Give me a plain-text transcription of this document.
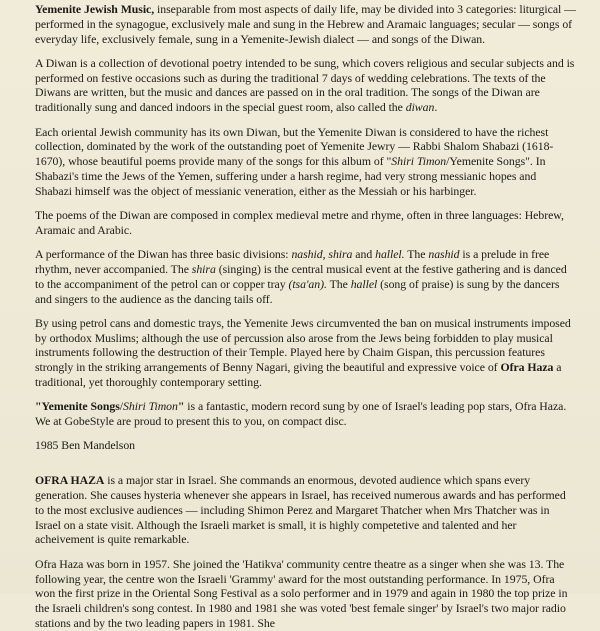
Yemenite Jewish Music, inseparable from most aspects of daily life, may be divided into 3 categories: liturgical — performed in the synagogue, exclusively male and sung in the Hebrew and Aramaic languages; secular — songs of everyday life, exclusively female, sung in a Yemenite-Jewish dialect — and songs of the Diwan.

A Diwan is a collection of devotional poetry intended to be sung, which covers religious and secular subjects and is performed on festive occasions such as during the traditional 7 days of wedding celebrations. The texts of the Diwans are written, but the music and dances are passed on in the oral tradition. The songs of the Diwan are traditionally sung and danced indoors in the special guest room, also called the diwan.

Each oriental Jewish community has its own Diwan, but the Yemenite Diwan is considered to have the richest collection, dominated by the work of the outstanding poet of Yemenite Jewry — Rabbi Shalom Shabazi (1618-1670), whose beautiful poems provide many of the songs for this album of "Shiri Timon/Yemenite Songs". In Shabazi's time the Jews of the Yemen, suffering under a harsh regime, had very strong messianic hopes and Shabazi himself was the object of messianic veneration, either as the Messiah or his harbinger.

The poems of the Diwan are composed in complex medieval metre and rhyme, often in three languages: Hebrew, Aramaic and Arabic.

A performance of the Diwan has three basic divisions: nashid, shira and hallel. The nashid is a prelude in free rhythm, never accompanied. The shira (singing) is the central musical event at the festive gathering and is danced to the accompaniment of the petrol can or copper tray (tsa'an). The hallel (song of praise) is sung by the dancers and singers to the audience as the dancing tails off.

By using petrol cans and domestic trays, the Yemenite Jews circumvented the ban on musical instruments imposed by orthodox Muslims; although the use of percussion also arose from the Jews being forbidden to play musical instruments following the destruction of their Temple. Played here by Chaim Gispan, this percussion features strongly in the striking arrangements of Benny Nagari, giving the beautiful and expressive voice of Ofra Haza a traditional, yet thoroughly contemporary setting.

"Yemenite Songs/Shiri Timon" is a fantastic, modern record sung by one of Israel's leading pop stars, Ofra Haza. We at GobeStyle are proud to present this to you, on compact disc.

1985 Ben Mandelson

OFRA HAZA is a major star in Israel. She commands an enormous, devoted audience which spans every generation. She causes hysteria whenever she appears in Israel, has received numerous awards and has performed to the most exclusive audiences — including Shimon Perez and Margaret Thatcher when Mrs Thatcher was in Israel on a state visit. Although the Israeli market is small, it is highly competetive and talented and her acheivement is quite remarkable.

Ofra Haza was born in 1957. She joined the 'Hatikva' community centre theatre as a singer when she was 13. The following year, the centre won the Israeli 'Grammy' award for the most outstanding performance. In 1975, Ofra won the first prize in the Oriental Song Festival as a solo performer and in 1979 and again in 1980 the top prize in the Israeli children's song contest. In 1980 and 1981 she was voted 'best female singer' by Israel's two major radio stations and by the two leading papers in 1981. She
